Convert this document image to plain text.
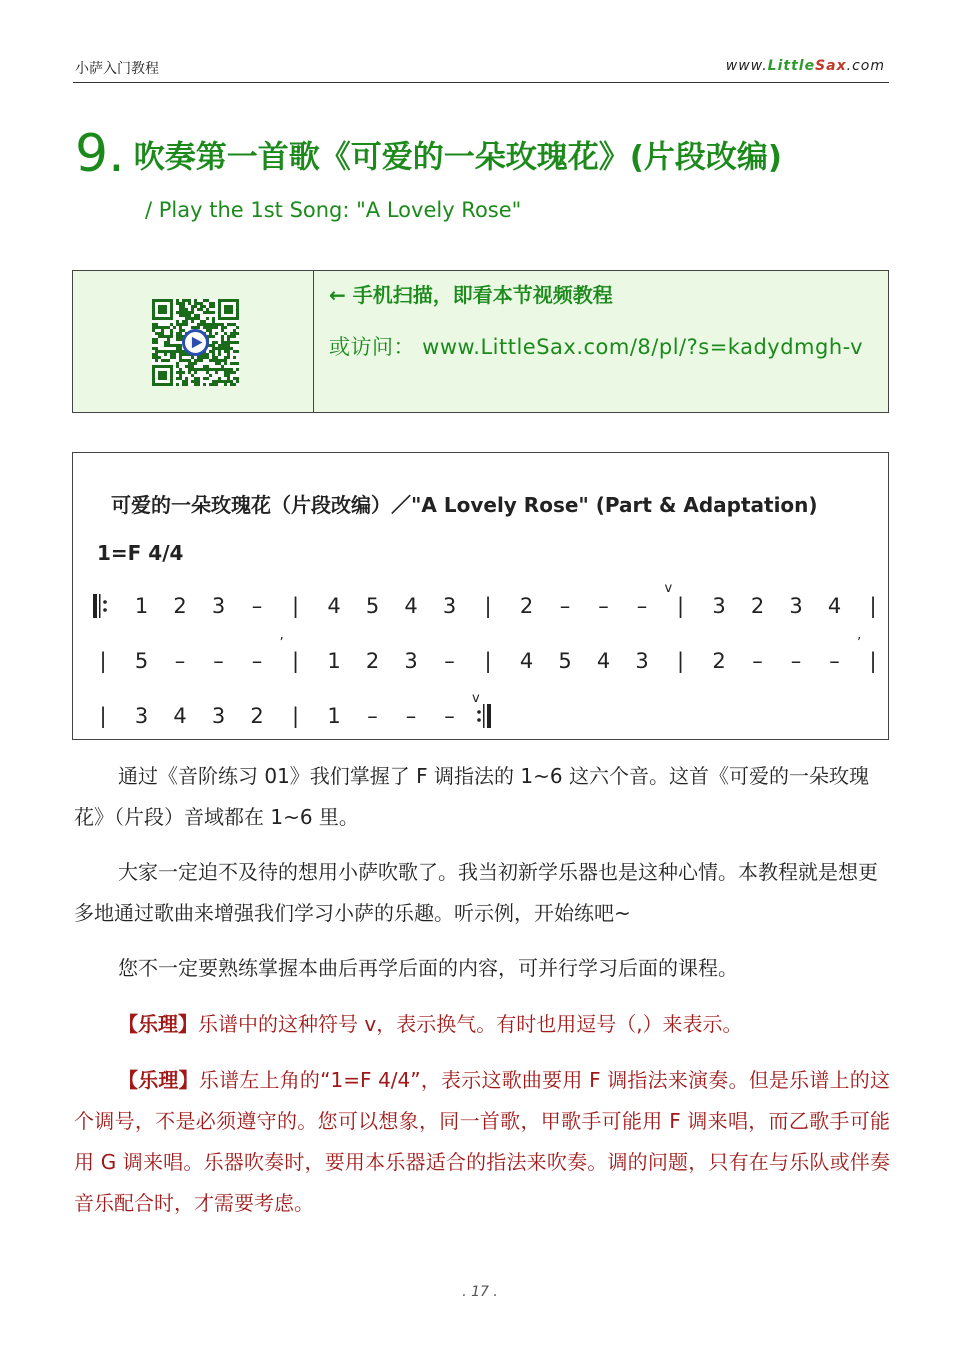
小萨入门教程	www.LittleSax.com
9. 吹奏第一首歌《可爱的一朵玫瑰花》(片段改编)
/ Play the 1st Song: "A Lovely Rose"
← 手机扫描，即看本节视频教程
或访问： www.LittleSax.com/8/pl/?s=kadydmgh-v
可爱的一朵玫瑰花（片段改编）／"A Lovely Rose" (Part & Adaptation)
1=F 4/4
1 2 3 – | 4 5 4 3 | 2 – – –
v
| 3 2 3 4 |
| 5 – – –
’
| 1 2 3 – | 4 5 4 3 | 2 – – –
’
|
| 3 4 3 2 | 1 – – –
v
通过《音阶练习 01》我们掌握了 F 调指法的 1~6 这六个音。这首《可爱的一朵玫瑰花》（片段）音域都在 1~6 里。
大家一定迫不及待的想用小萨吹歌了。我当初新学乐器也是这种心情。本教程就是想更多地通过歌曲来增强我们学习小萨的乐趣。听示例，开始练吧~
您不一定要熟练掌握本曲后再学后面的内容，可并行学习后面的课程。
【乐理】乐谱中的这种符号 v，表示换气。有时也用逗号（,）来表示。
【乐理】乐谱左上角的“1=F 4/4”，表示这歌曲要用 F 调指法来演奏。但是乐谱上的这个调号，不是必须遵守的。您可以想象，同一首歌，甲歌手可能用 F 调来唱，而乙歌手可能用 G 调来唱。乐器吹奏时，要用本乐器适合的指法来吹奏。调的问题，只有在与乐队或伴奏音乐配合时，才需要考虑。
. 17 .
